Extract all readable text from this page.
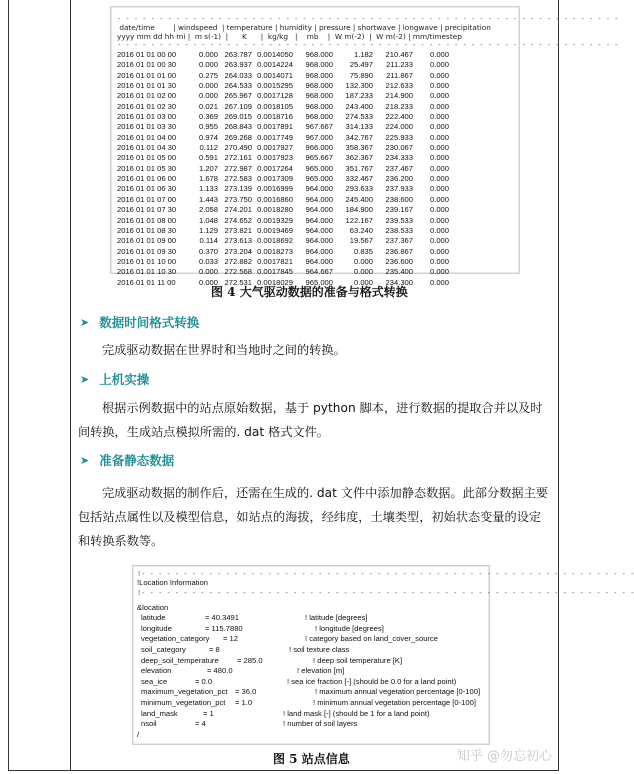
- - - - - - - - - - - - - - - - - - - - - - - - - - - - - - - - - - - - - - - - - - - - - - - - - - - - - - - - - - - -
date/time        | windspeed  | temperature | humidity | pressure | shortwave | longwave | precipitation
yyyy mm dd hh mi |  m s(-1)  |      K      |  kg/kg   |    mb    |  W m(-2)  |  W m(-2) | mm/timestep
- - - - - - - - - - - - - - - - - - - - - - - - - - - - - - - - - - - - - - - - - - - - - - - - - - - - - - - - - - - -
2016 01 01 00 00	0.000 263.787 0.0014050	968.000	1.182	210.467	0.000
2016 01 01 00 30	0.000 263.937 0.0014224	968.000	25.497	211.233	0.000
2016 01 01 01 00	0.275 264.033 0.0014071	968.000	75.890	211.867	0.000
2016 01 01 01 30	0.000 264.533 0.0015295	968.000	132.300	212.633	0.000
2016 01 01 02 00	0.000 265.967 0.0017128	968.000	187.233	214.900	0.000
2016 01 01 02 30	0.021 267.109 0.0018105	968.000	243.400	218.233	0.000
2016 01 01 03 00	0.369 269.015 0.0018716	968.000	274.533	222.400	0.000
2016 01 01 03 30	0.955 268.843 0.0017891	967.667	314.133	224.000	0.000
2016 01 01 04 00	0.974 269.268 0.0017749	967.000	342.767	225.933	0.000
2016 01 01 04 30	0.112 270.490 0.0017927	966.000	358.367	230.067	0.000
2016 01 01 05 00	0.591 272.161 0.0017923	965.667	362.367	234.333	0.000
2016 01 01 05 30	1.207 272.987 0.0017264	965.000	351.767	237.467	0.000
2016 01 01 06 00	1.678 272.583 0.0017309	965.000	332.467	236.200	0.000
2016 01 01 06 30	1.133 273.139 0.0016999	964.000	293.633	237.933	0.000
2016 01 01 07 00	1.443 273.750 0.0016860	964.000	245.400	238.600	0.000
2016 01 01 07 30	2.058 274.201 0.0018280	964.000	184.900	239.167	0.000
2016 01 01 08 00	1.048 274.652 0.0019329	964.000	122.167	239.533	0.000
2016 01 01 08 30	1.129 273.821 0.0019469	964.000	63.240	238.533	0.000
2016 01 01 09 00	0.114 273.613 0.0018692	964.000	19.567	237.367	0.000
2016 01 01 09 30	0.370 273.204 0.0018273	964.000	0.835	236.867	0.000
2016 01 01 10 00	0.033 272.882 0.0017821	964.000	0.000	236.600	0.000
2016 01 01 10 30	0.000 272.568 0.0017845	964.667	0.000	235.400	0.000
2016 01 01 11 00	0.000 272.531 0.0018029	965.000	0.000	234.300	0.000
图 4 大气驱动数据的准备与格式转换
➤ 数据时间格式转换
完成驱动数据在世界时和当地时之间的转换。
➤ 上机实操
根据示例数据中的站点原始数据，基于 python 脚本，进行数据的提取合并以及时间转换，生成站点模拟所需的. dat 格式文件。
➤ 准备静态数据
完成驱动数据的制作后，还需在生成的. dat 文件中添加静态数据。此部分数据主要包括站点属性以及模型信息，如站点的海拔，经纬度，土壤类型，初始状态变量的设定和转换系数等。
!- - - - - - - - - - - - - - - - - - - - - - - - - - - - - - - - - - - - - - - - - - - - - - - - - - - - - - - - - - -
!Location Information
!- - - - - - - - - - - - - - - - - - - - - - - - - - - - - - - - - - - - - - - - - - - - - - - - - - - - - - - - - - -
&location
latitude	= 40.3491	! latitude [degrees]
longitude	= 115.7880	! longitude [degrees]
vegetation_category = 12	! category based on land_cover_source
soil_category	= 8	! soil texture class
deep_soil_temperature = 285.0	! deep soil temperature [K]
elevation	= 480.0	! elevation [m]
sea_ice	= 0.0	! sea ice fraction [-] (should be 0.0 for a land point)
maximum_vegetation_pct = 36.0	! maximum annual vegetation percentage [0-100]
minimum_vegetation_pct = 1.0	! minimum annual vegetation percentage [0-100]
land_mask	= 1	! land mask [-] (should be 1 for a land point)
nsoil	= 4	! number of soil layers
/
图 5 站点信息	知乎 @勿忘初心
